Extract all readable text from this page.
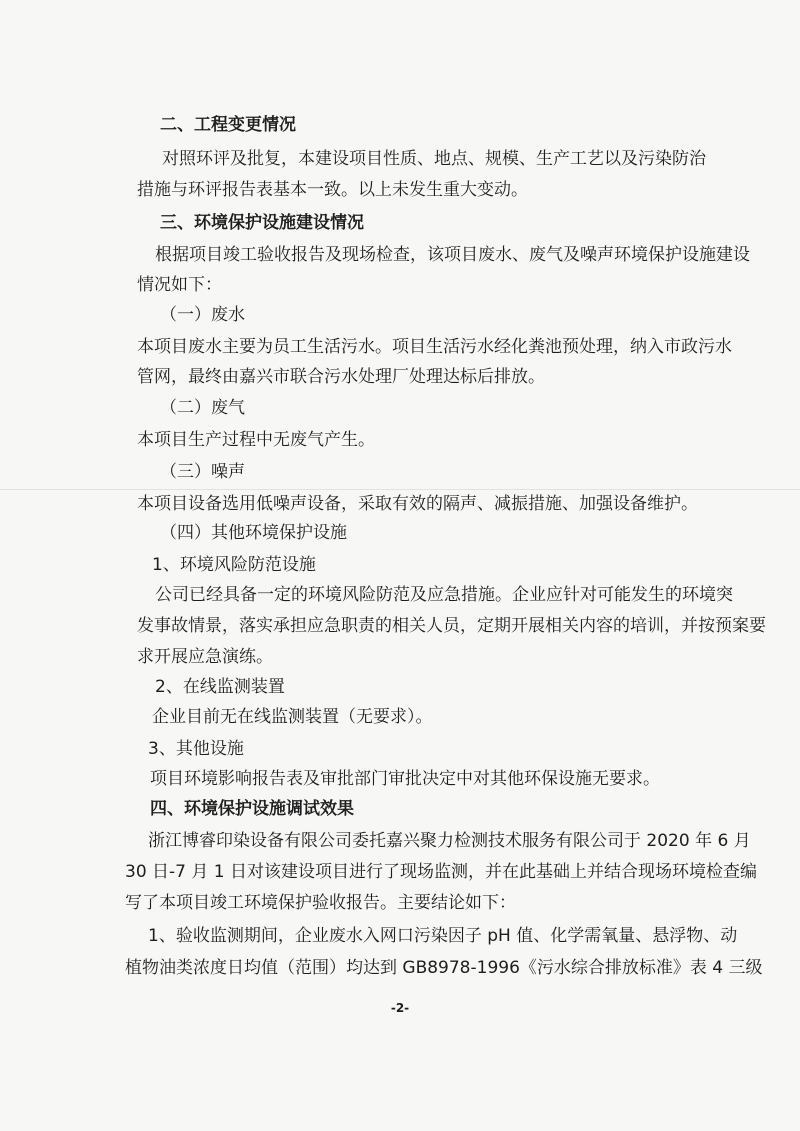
二、工程变更情况
对照环评及批复，本建设项目性质、地点、规模、生产工艺以及污染防治
措施与环评报告表基本一致。以上未发生重大变动。
三、环境保护设施建设情况
根据项目竣工验收报告及现场检查，该项目废水、废气及噪声环境保护设施建设
情况如下：
（一）废水
本项目废水主要为员工生活污水。项目生活污水经化粪池预处理，纳入市政污水
管网，最终由嘉兴市联合污水处理厂处理达标后排放。
（二）废气
本项目生产过程中无废气产生。
（三）噪声
本项目设备选用低噪声设备，采取有效的隔声、减振措施、加强设备维护。
（四）其他环境保护设施
1、环境风险防范设施
公司已经具备一定的环境风险防范及应急措施。企业应针对可能发生的环境突
发事故情景，落实承担应急职责的相关人员，定期开展相关内容的培训，并按预案要
求开展应急演练。
2、在线监测装置
企业目前无在线监测装置（无要求）。
3、其他设施
项目环境影响报告表及审批部门审批决定中对其他环保设施无要求。
四、环境保护设施调试效果
浙江博睿印染设备有限公司委托嘉兴聚力检测技术服务有限公司于 2020 年 6 月
30 日-7 月 1 日对该建设项目进行了现场监测，并在此基础上并结合现场环境检查编
写了本项目竣工环境保护验收报告。主要结论如下：
1、验收监测期间，企业废水入网口污染因子 pH 值、化学需氧量、悬浮物、动
植物油类浓度日均值（范围）均达到 GB8978-1996《污水综合排放标准》表 4 三级
-2-
